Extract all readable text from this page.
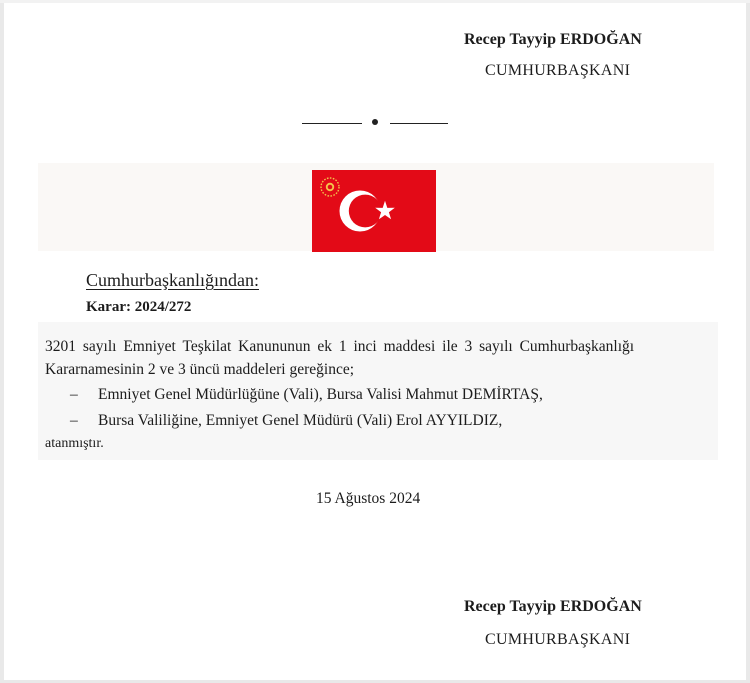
Recep Tayyip ERDOĞAN
CUMHURBAŞKANI
Cumhurbaşkanlığından:
Karar: 2024/272
3201 sayılı Emniyet Teşkilat Kanununun ek 1 inci maddesi ile 3 sayılı Cumhurbaşkanlığı
Kararnamesinin 2 ve 3 üncü maddeleri gereğince;
– Emniyet Genel Müdürlüğüne (Vali), Bursa Valisi Mahmut DEMİRTAŞ,
– Bursa Valiliğine, Emniyet Genel Müdürü (Vali) Erol AYYILDIZ,
atanmıştır.
15 Ağustos 2024
Recep Tayyip ERDOĞAN
CUMHURBAŞKANI
